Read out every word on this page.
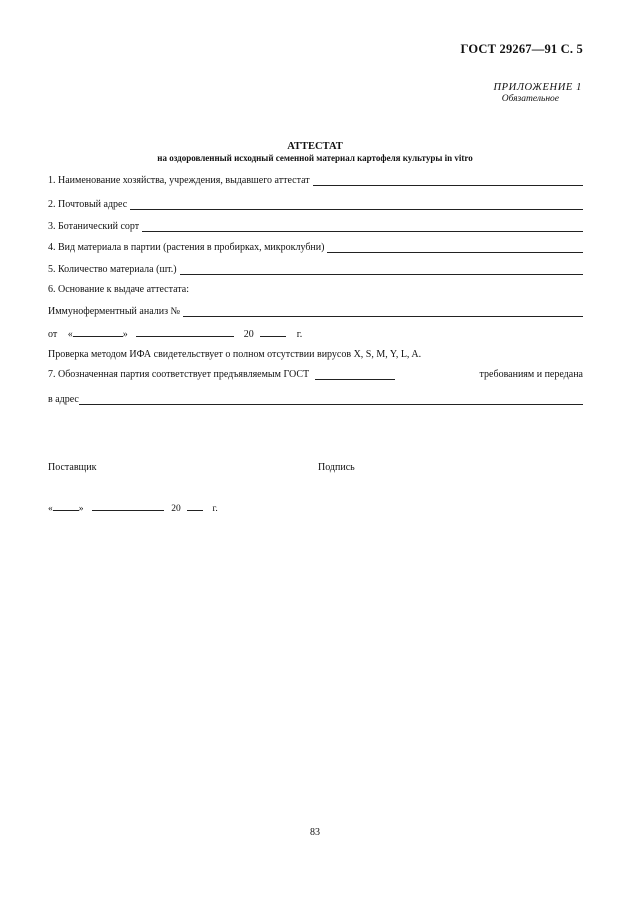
ГОСТ 29267—91 С. 5
ПРИЛОЖЕНИЕ 1
Обязательное
АТТЕСТАТ
на оздоровленный исходный семенной материал картофеля культуры in vitro
1. Наименование хозяйства, учреждения, выдавшего аттестат
2. Почтовый адрес
3. Ботанический сорт
4. Вид материала в партии (растения в пробирках, микроклубни)
5. Количество материала (шт.)
6. Основание к выдаче аттестата:
Иммуноферментный анализ №
от «	»	20	г.
Проверка методом ИФА свидетельствует о полном отсутствии вирусов X, S, M, Y, L, A.
7. Обозначенная партия соответствует предъявляемым ГОСТ	требованиям и передана
в адрес
Поставщик	Подпись
«	»	20	г.
83
